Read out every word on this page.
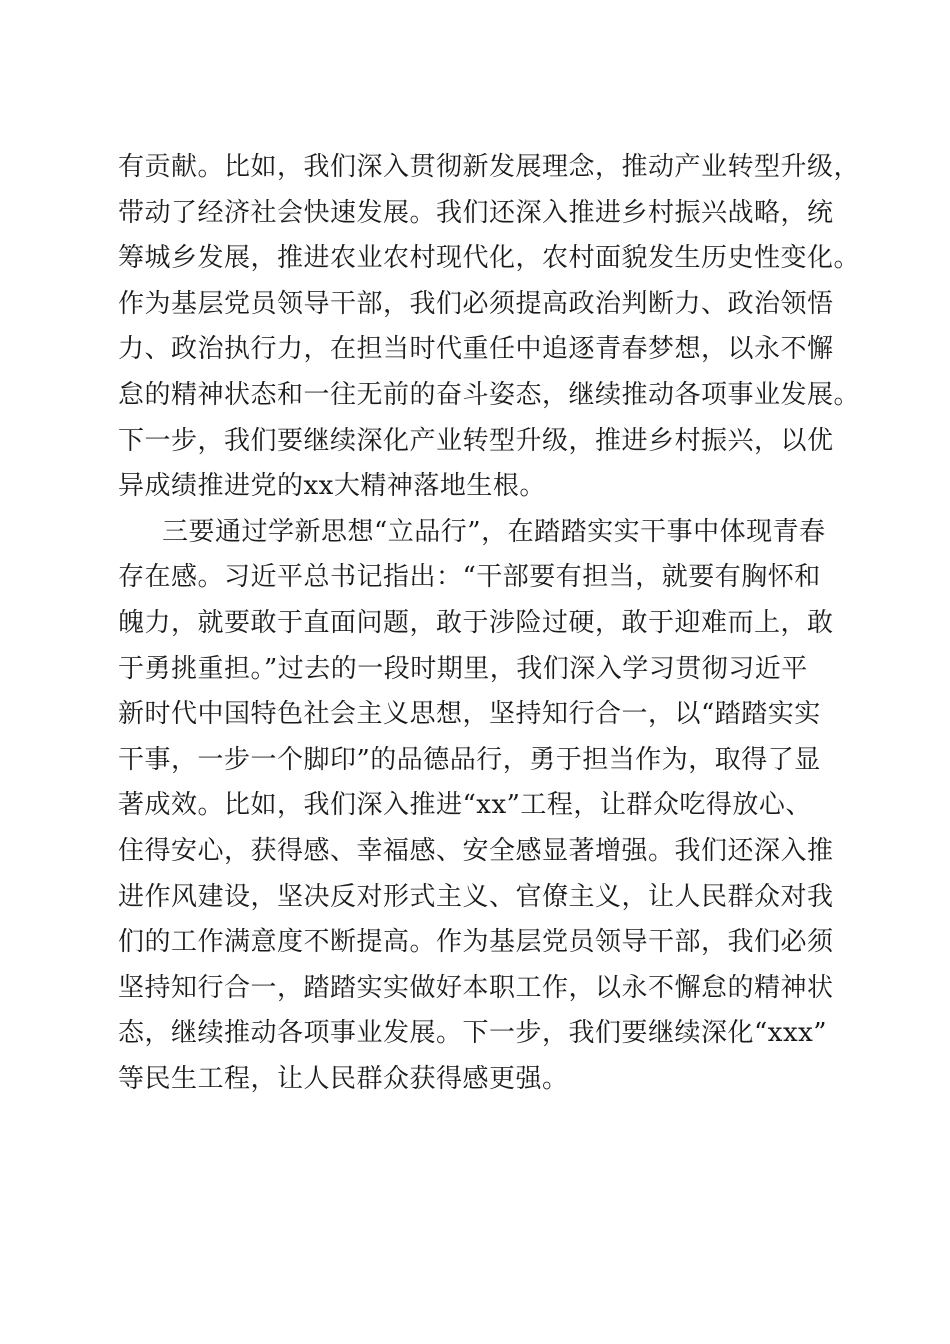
有贡献。比如，我们深入贯彻新发展理念，推动产业转型升级，
带动了经济社会快速发展。我们还深入推进乡村振兴战略，统
筹城乡发展，推进农业农村现代化，农村面貌发生历史性变化。
作为基层党员领导干部，我们必须提高政治判断力、政治领悟
力、政治执行力，在担当时代重任中追逐青春梦想，以永不懈
怠的精神状态和一往无前的奋斗姿态，继续推动各项事业发展。
下一步，我们要继续深化产业转型升级，推进乡村振兴，以优
异成绩推进党的xx大精神落地生根。
三要通过学新思想“立品行”，在踏踏实实干事中体现青春
存在感。习近平总书记指出：“干部要有担当，就要有胸怀和
魄力，就要敢于直面问题，敢于涉险过硬，敢于迎难而上，敢
于勇挑重担。”过去的一段时期里，我们深入学习贯彻习近平
新时代中国特色社会主义思想，坚持知行合一，以“踏踏实实
干事，一步一个脚印”的品德品行，勇于担当作为，取得了显
著成效。比如，我们深入推进“xx”工程，让群众吃得放心、
住得安心，获得感、幸福感、安全感显著增强。我们还深入推
进作风建设，坚决反对形式主义、官僚主义，让人民群众对我
们的工作满意度不断提高。作为基层党员领导干部，我们必须
坚持知行合一，踏踏实实做好本职工作，以永不懈怠的精神状
态，继续推动各项事业发展。下一步，我们要继续深化“xxx”
等民生工程，让人民群众获得感更强。
